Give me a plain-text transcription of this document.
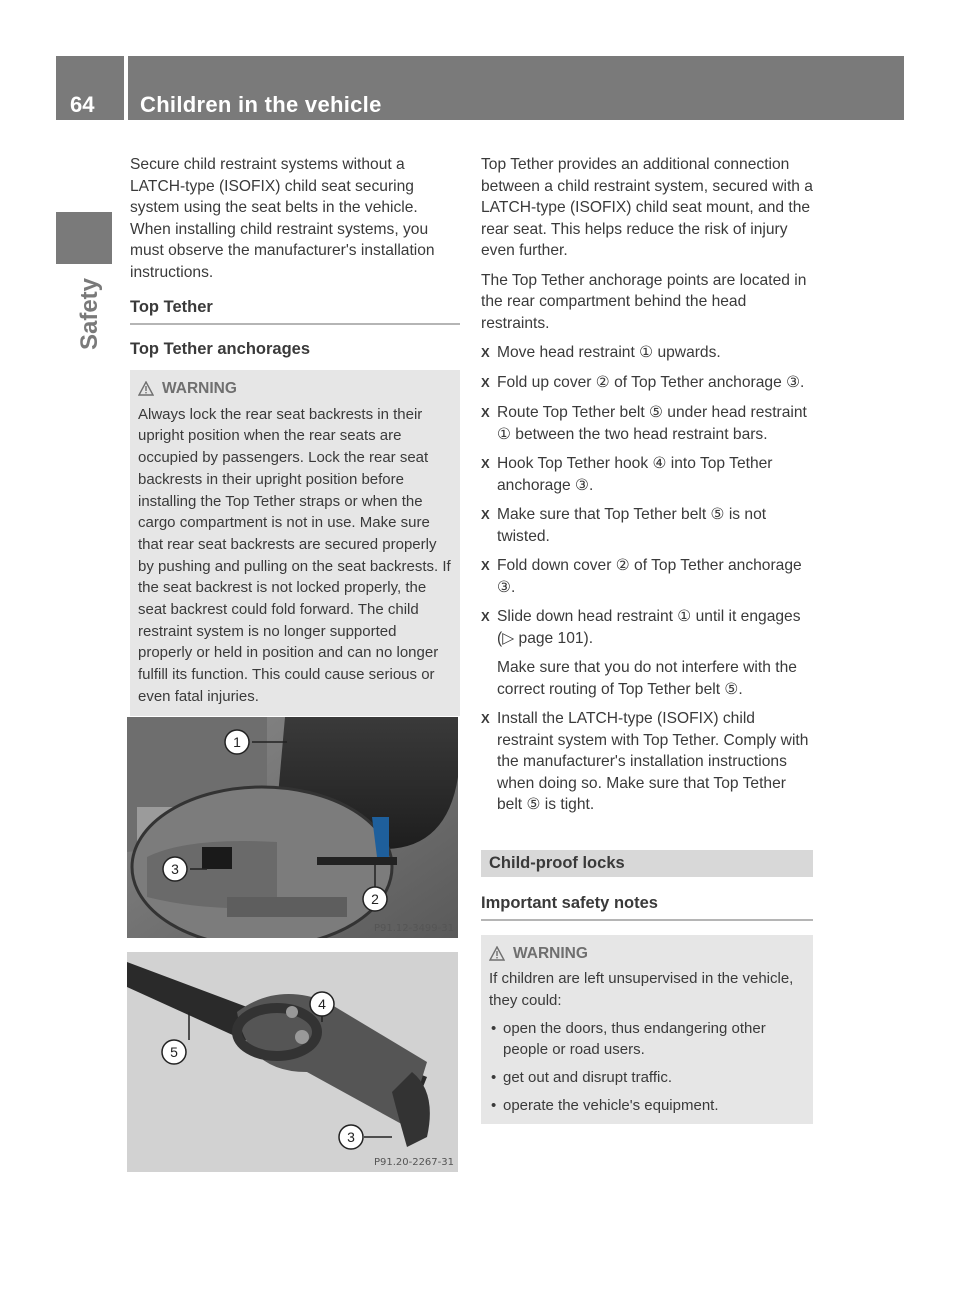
64 Children in the vehicle
Safety

Secure child restraint systems without a LATCH-type (ISOFIX) child seat securing system using the seat belts in the vehicle. When installing child restraint systems, you must observe the manufacturer's installation instructions.

Top Tether
Top Tether anchorages
WARNING
Always lock the rear seat backrests in their upright position when the rear seats are occupied by passengers. Lock the rear seat backrests in their upright position before installing the Top Tether straps or when the cargo compartment is not in use. Make sure that rear seat backrests are secured properly by pushing and pulling on the seat backrests. If the seat backrest is not locked properly, the seat backrest could fold forward. The child restraint system is no longer supported properly or held in position and can no longer fulfill its function. This could cause serious or even fatal injuries.
1
3
2
P91.12-3499-31
4
5
3
P91.20-2267-31

Top Tether provides an additional connection between a child restraint system, secured with a LATCH-type (ISOFIX) child seat mount, and the rear seat. This helps reduce the risk of injury even further.

The Top Tether anchorage points are located in the rear compartment behind the head restraints.

X Move head restraint ① upwards.
X Fold up cover ② of Top Tether anchorage ③.
X Route Top Tether belt ⑤ under head restraint ① between the two head restraint bars.
X Hook Top Tether hook ④ into Top Tether anchorage ③.
X Make sure that Top Tether belt ⑤ is not twisted.
X Fold down cover ② of Top Tether anchorage ③.
X Slide down head restraint ① until it engages (▷ page 101).

Make sure that you do not interfere with the correct routing of Top Tether belt ⑤.

X Install the LATCH-type (ISOFIX) child restraint system with Top Tether. Comply with the manufacturer's installation instructions when doing so. Make sure that Top Tether belt ⑤ is tight.
Child-proof locks
Important safety notes
WARNING
If children are left unsupervised in the vehicle, they could:
• open the doors, thus endangering other people or road users.
• get out and disrupt traffic.
• operate the vehicle's equipment.
